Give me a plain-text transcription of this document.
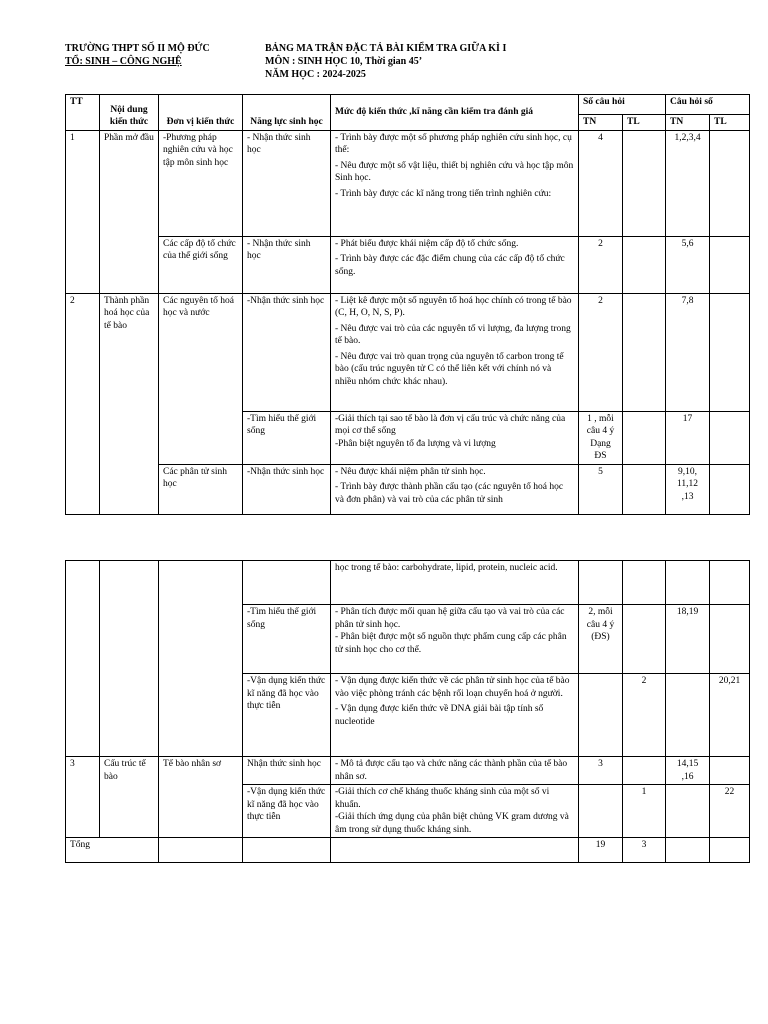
TRƯỜNG THPT SỐ II MỘ ĐỨC
TỔ: SINH – CÔNG NGHỆ
BẢNG MA TRẬN ĐẶC TẢ BÀI KIỂM TRA GIỮA KÌ I
MÔN : SINH HỌC 10, Thời gian 45’
NĂM HỌC : 2024-2025
TT	Nội dung kiến thức	Đơn vị kiến thức	Năng lực sinh học	Mức độ kiến thức ,kĩ năng cần kiểm tra đánh giá	Số câu hỏi		Câu hỏi số	
					TN	TL	TN	TL
1	Phần mở đầu	-Phương pháp nghiên cứu và học tập môn sinh học	- Nhận thức sinh học	- Trình bày được một số phương pháp nghiên cứu sinh học, cụ thể:
- Nêu được một số vật liệu, thiết bị nghiên cứu và học tập môn Sinh học.
- Trình bày được các kĩ năng trong tiến trình nghiên cứu:	4		1,2,3,4	
		Các cấp độ tổ chức của thế giới sống	- Nhận thức sinh học	- Phát biểu được khái niệm cấp độ tổ chức sống.
- Trình bày được các đặc điểm chung của các cấp độ tổ chức sống.	2		5,6	
2	Thành phần hoá học của tế bào	Các nguyên tố hoá học và nước	-Nhận thức sinh học	- Liệt kê được một số nguyên tố hoá học chính có trong tế bào (C, H, O, N, S, P).
- Nêu được vai trò của các nguyên tố vi lượng, đa lượng trong tế bào.
- Nêu được vai trò quan trọng của nguyên tố carbon trong tế bào (cấu trúc nguyên tử C có thể liên kết với chính nó và nhiều nhóm chức khác nhau).	2		7,8	
			-Tìm hiểu thế giới sống	-Giải thích tại sao tế bào là đơn vị cấu trúc và chức năng của mọi cơ thể sống
-Phân biệt nguyên tố đa lượng và vi lượng	1 , mỗi câu 4 ý Dạng ĐS		17	
		Các phân tử sinh học	-Nhận thức sinh học	- Nêu được khái niệm phân tử sinh học.
- Trình bày được thành phần cấu tạo (các nguyên tố hoá học và đơn phân) và vai trò của các phân tử sinh	5		9,10, 11,12 ,13	
				học trong tế bào: carbohydrate, lipid, protein, nucleic acid.				
			-Tìm hiểu thế giới sống	- Phân tích được mối quan hệ giữa cấu tạo và vai trò của các phân tử sinh học.
- Phân biệt được một số nguồn thực phẩm cung cấp các phân tử sinh học cho cơ thể.	2, mỗi câu 4 ý (ĐS)		18,19	
			-Vận dụng kiến thức kĩ năng đã học vào thực tiễn	- Vận dụng được kiến thức về các phân tử sinh học của tế bào vào việc phòng tránh các bệnh rối loạn chuyển hoá ở người.
- Vận dụng được kiến thức về DNA giải bài tập tính số nucleotide		2		20,21
3	Cấu trúc tế bào	Tế bào nhân sơ	Nhận thức sinh học	- Mô tả được cấu tạo và chức năng các thành phần của tế bào nhân sơ.	3		14,15 ,16	
			-Vận dụng kiến thức kĩ năng đã học vào thực tiễn	-Giải thích cơ chế kháng thuốc kháng sinh của một số vi khuẩn.
-Giải thích ứng dụng của phân biệt chủng VK gram dương và âm trong sử dụng thuốc kháng sinh.		1		22
Tổng					19	3		
